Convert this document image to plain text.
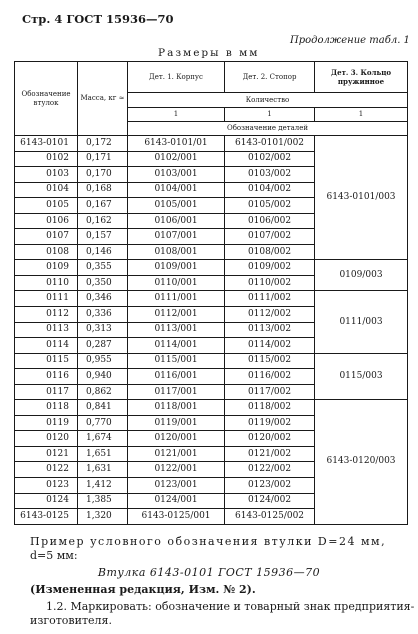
Стр. 4 ГОСТ 15936—70
Продолжение табл. 1
Размеры в мм
Обозначение втулок	Масса, кг ≈	Дет. 1. Корпус	Дет. 2. Стопор	Дет. 3. Кольцо пружинное
		Количество		
		1	1	1
		Обозначение деталей		
6143-0101	0,172	6143-0101/01	6143-0101/002	6143-0101/003
0102	0,171	0102/001	0102/002	
0103	0,170	0103/001	0103/002	
0104	0,168	0104/001	0104/002	
0105	0,167	0105/001	0105/002	
0106	0,162	0106/001	0106/002	
0107	0,157	0107/001	0107/002	
0108	0,146	0108/001	0108/002	
0109	0,355	0109/001	0109/002	0109/003
0110	0,350	0110/001	0110/002	
0111	0,346	0111/001	0111/002	0111/003
0112	0,336	0112/001	0112/002	
0113	0,313	0113/001	0113/002	
0114	0,287	0114/001	0114/002	
0115	0,955	0115/001	0115/002	0115/003
0116	0,940	0116/001	0116/002	
0117	0,862	0117/001	0117/002	
0118	0,841	0118/001	0118/002	6143-0120/003
0119	0,770	0119/001	0119/002	
0120	1,674	0120/001	0120/002	
0121	1,651	0121/001	0121/002	
0122	1,631	0122/001	0122/002	
0123	1,412	0123/001	0123/002	
0124	1,385	0124/001	0124/002	
6143-0125	1,320	6143-0125/001	6143-0125/002	
Пример условного обозначения втулки D=24 мм,
d=5 мм:
Втулка 6143-0101 ГОСТ 15936—70
(Измененная редакция, Изм. № 2).
1.2. Маркировать: обозначение и товарный знак предприятия-
изготовителя.
